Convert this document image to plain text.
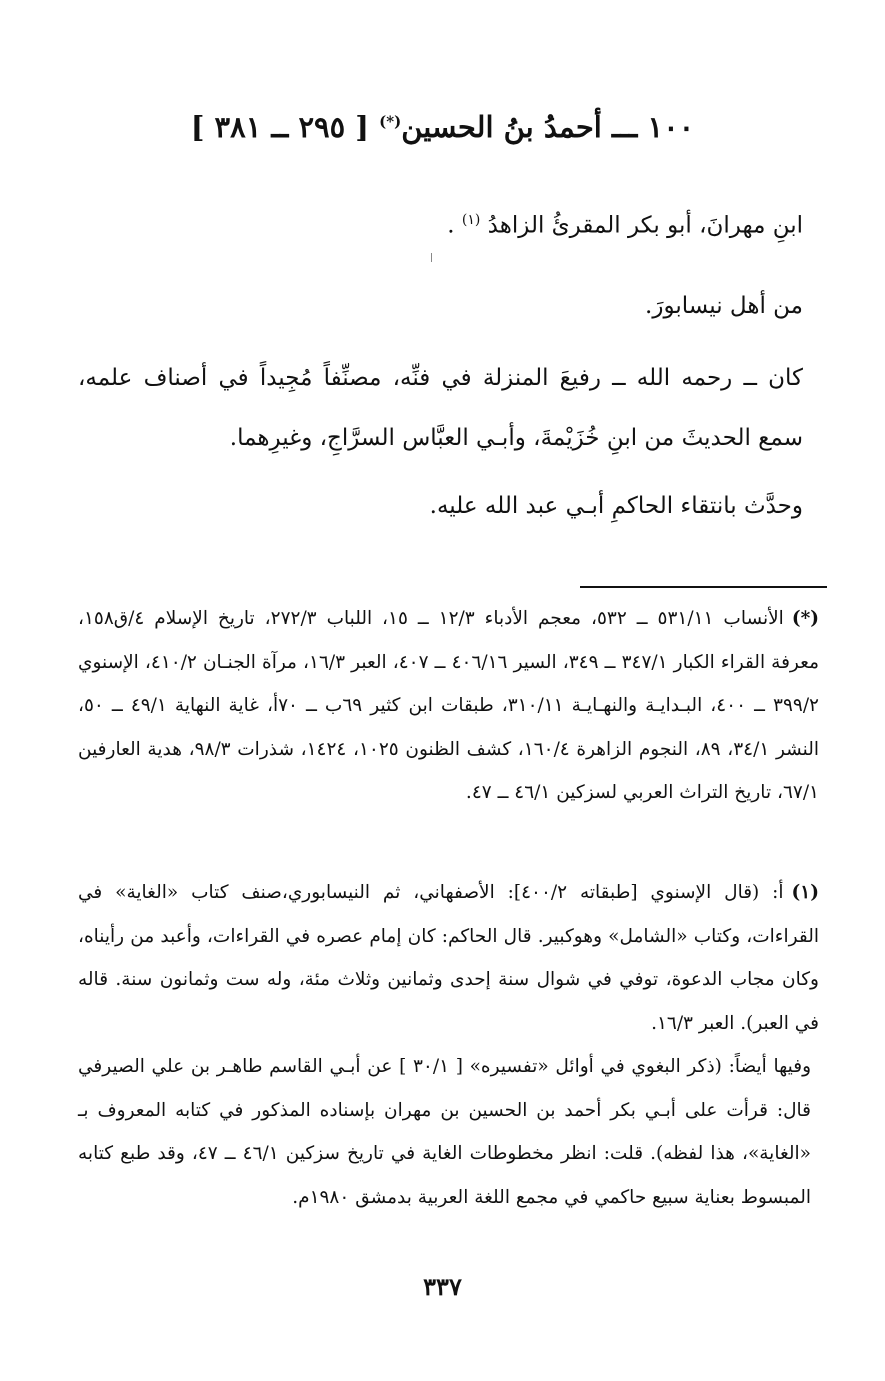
١٠٠ ـــ أحمدُ بنُ الحسين(*) [ ٢٩٥ ــ ٣٨١ ]
ابنِ مهرانَ، أبو بكر المقرئُ الزاهدُ $^{(١)}$ .
من أهل نيسابورَ.
كان ــ رحمه الله ــ رفيعَ المنزلة في فنِّه، مصنِّفاً مُجِيداً في أصناف علمه، سمع الحديثَ من ابنِ خُزَيْمةَ، وأبـي العبَّاس السرَّاجِ، وغيرِهما.
وحدَّث بانتقاء الحاكمِ أبـي عبد الله عليه.
(*)الأنساب ٥٣١/١١ ــ ٥٣٢، معجم الأدباء ١٢/٣ ــ ١٥، اللباب ٢٧٢/٣، تاريخ الإسلام ٤/ق١٥٨، معرفة القراء الكبار ٣٤٧/١ ــ ٣٤٩، السير ٤٠٦/١٦ ــ ٤٠٧، العبر ١٦/٣، مرآة الجنـان ٤١٠/٢، الإسنوي ٣٩٩/٢ ــ ٤٠٠، البـدايـة والنهـايـة ٣١٠/١١، طبقات ابن كثير ٦٩ب ــ ٧٠أ، غاية النهاية ٤٩/١ ــ ٥٠، النشر ٣٤/١، ٨٩، النجوم الزاهرة ١٦٠/٤، كشف الظنون ١٠٢٥، ١٤٢٤، شذرات ٩٨/٣، هدية العارفين ٦٧/١، تاريخ التراث العربي لسزكين ٤٦/١ ــ ٤٧.
(١)أ: (قال الإسنوي [طبقاته ٤٠٠/٢]: الأصفهاني، ثم النيسابوري،صنف كتاب «الغاية» في القراءات، وكتاب «الشامل» وهوكبير. قال الحاكم: كان إمام عصره في القراءات، وأعبد من رأيناه، وكان مجاب الدعوة، توفي في شوال سنة إحدى وثمانين وثلاث مئة، وله ست وثمانون سنة. قاله في العبر). العبر ١٦/٣.
وفيها أيضاً: (ذكر البغوي في أوائل «تفسيره» [ ٣٠/١ ] عن أبـي القاسم طاهـر بن علي الصيرفي قال: قرأت على أبـي بكر أحمد بن الحسين بن مهران بإسناده المذكور في كتابه المعروف بـ «الغاية»، هذا لفظه). قلت: انظر مخطوطات الغاية في تاريخ سزكين ٤٦/١ ــ ٤٧، وقد طبع كتابه المبسوط بعناية سبيع حاكمي في مجمع اللغة العربية بدمشق ١٩٨٠م.
٣٣٧
